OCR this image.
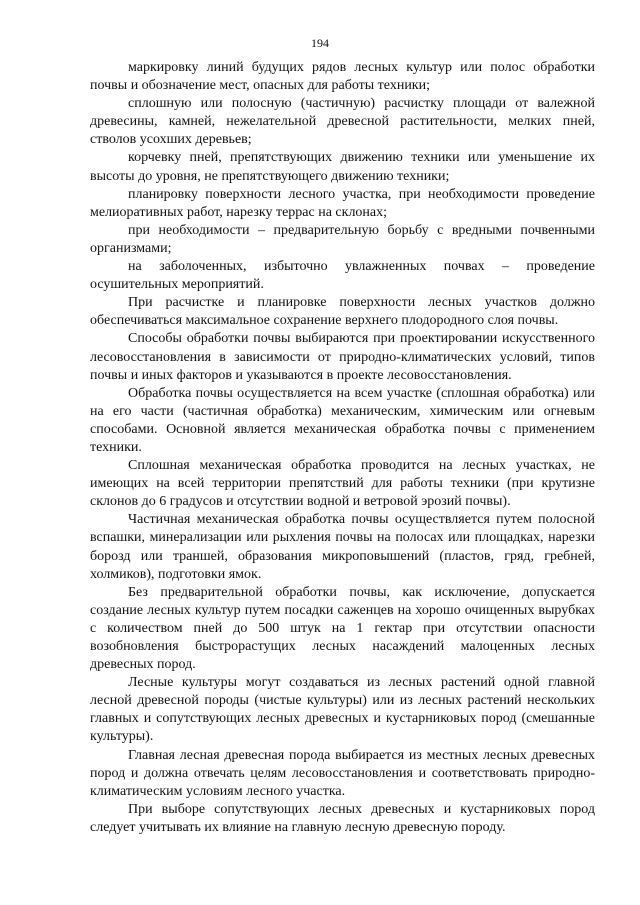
194

маркировку линий будущих рядов лесных культур или полос обработки почвы и обозначение мест, опасных для работы техники;

сплошную или полосную (частичную) расчистку площади от валежной древесины, камней, нежелательной древесной растительности, мелких пней, стволов усохших деревьев;

корчевку пней, препятствующих движению техники или уменьшение их высоты до уровня, не препятствующего движению техники;

планировку поверхности лесного участка, при необходимости проведение мелиоративных работ, нарезку террас на склонах;

при необходимости – предварительную борьбу с вредными почвенными организмами;

на заболоченных, избыточно увлажненных почвах – проведение осушительных мероприятий.

При расчистке и планировке поверхности лесных участков должно обеспечиваться максимальное сохранение верхнего плодородного слоя почвы.

Способы обработки почвы выбираются при проектировании искусственного лесовосстановления в зависимости от природно-климатических условий, типов почвы и иных факторов и указываются в проекте лесовосстановления.

Обработка почвы осуществляется на всем участке (сплошная обработка) или на его части (частичная обработка) механическим, химическим или огневым способами. Основной является механическая обработка почвы с применением техники.

Сплошная механическая обработка проводится на лесных участках, не имеющих на всей территории препятствий для работы техники (при крутизне склонов до 6 градусов и отсутствии водной и ветровой эрозий почвы).

Частичная механическая обработка почвы осуществляется путем полосной вспашки, минерализации или рыхления почвы на полосах или площадках, нарезки борозд или траншей, образования микроповышений (пластов, гряд, гребней, холмиков), подготовки ямок.

Без предварительной обработки почвы, как исключение, допускается создание лесных культур путем посадки саженцев на хорошо очищенных вырубках с количеством пней до 500 штук на 1 гектар при отсутствии опасности возобновления быстрорастущих лесных насаждений малоценных лесных древесных пород.

Лесные культуры могут создаваться из лесных растений одной главной лесной древесной породы (чистые культуры) или из лесных растений нескольких главных и сопутствующих лесных древесных и кустарниковых пород (смешанные культуры).

Главная лесная древесная порода выбирается из местных лесных древесных пород и должна отвечать целям лесовосстановления и соответствовать природно-климатическим условиям лесного участка.

При выборе сопутствующих лесных древесных и кустарниковых пород следует учитывать их влияние на главную лесную древесную породу.
